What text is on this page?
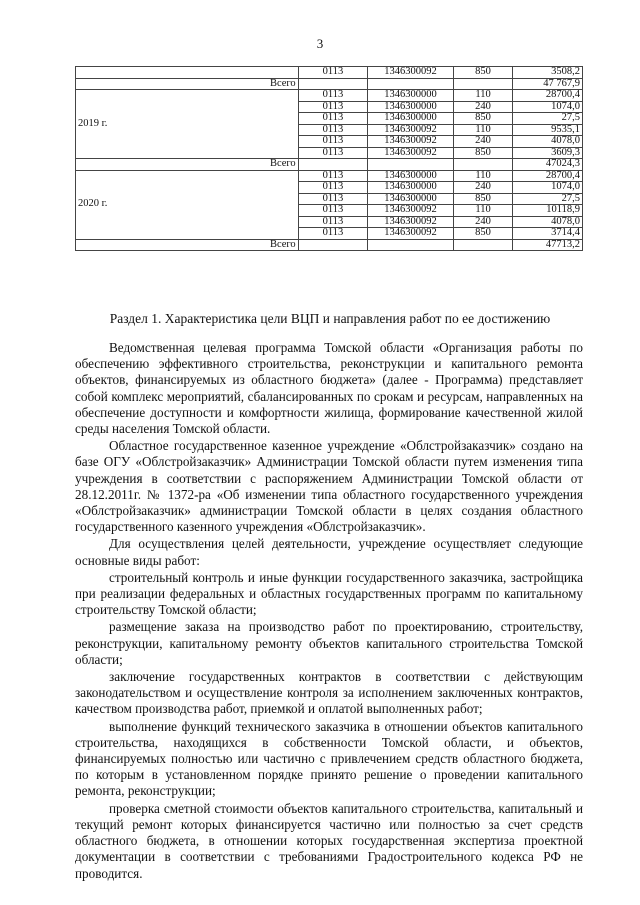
3
	0113	1346300092	850	3508,2
Всего				47 767,9
2019 г.	0113	1346300000	110	28700,4
	0113	1346300000	240	1074,0
	0113	1346300000	850	27,5
	0113	1346300092	110	9535,1
	0113	1346300092	240	4078,0
	0113	1346300092	850	3609,3
Всего				47024,3
2020 г.	0113	1346300000	110	28700,4
	0113	1346300000	240	1074,0
	0113	1346300000	850	27,5
	0113	1346300092	110	10118,9
	0113	1346300092	240	4078,0
	0113	1346300092	850	3714,4
Всего				47713,2
Раздел 1. Характеристика цели ВЦП и направления работ по ее достижению

Ведомственная целевая программа Томской области «Организация работы по обеспечению эффективного строительства, реконструкции и капитального ремонта объектов, финансируемых из областного бюджета» (далее - Программа) представляет собой комплекс мероприятий, сбалансированных по срокам и ресурсам, направленных на обеспечение доступности и комфортности жилища, формирование качественной жилой среды населения Томской области.

Областное государственное казенное учреждение «Облстройзаказчик» создано на базе ОГУ «Облстройзаказчик» Администрации Томской области путем изменения типа учреждения в соответствии с распоряжением Администрации Томской области от 28.12.2011г. № 1372-ра «Об изменении типа областного государственного учреждения «Облстройзаказчик» администрации Томской области в целях создания областного государственного казенного учреждения «Облстройзаказчик».

Для осуществления целей деятельности, учреждение осуществляет следующие основные виды работ:

строительный контроль и иные функции государственного заказчика, застройщика при реализации федеральных и областных государственных программ по капитальному строительству Томской области;

размещение заказа на производство работ по проектированию, строительству, реконструкции, капитальному ремонту объектов капитального строительства Томской области;

заключение государственных контрактов в соответствии с действующим законодательством и осуществление контроля за исполнением заключенных контрактов, качеством производства работ, приемкой и оплатой выполненных работ;

выполнение функций технического заказчика в отношении объектов капитального строительства, находящихся в собственности Томской области, и объектов, финансируемых полностью или частично с привлечением средств областного бюджета, по которым в установленном порядке принято решение о проведении капитального ремонта, реконструкции;

проверка сметной стоимости объектов капитального строительства, капитальный и текущий ремонт которых финансируется частично или полностью за счет средств областного бюджета, в отношении которых государственная экспертиза проектной документации в соответствии с требованиями Градостроительного кодекса РФ не проводится.
